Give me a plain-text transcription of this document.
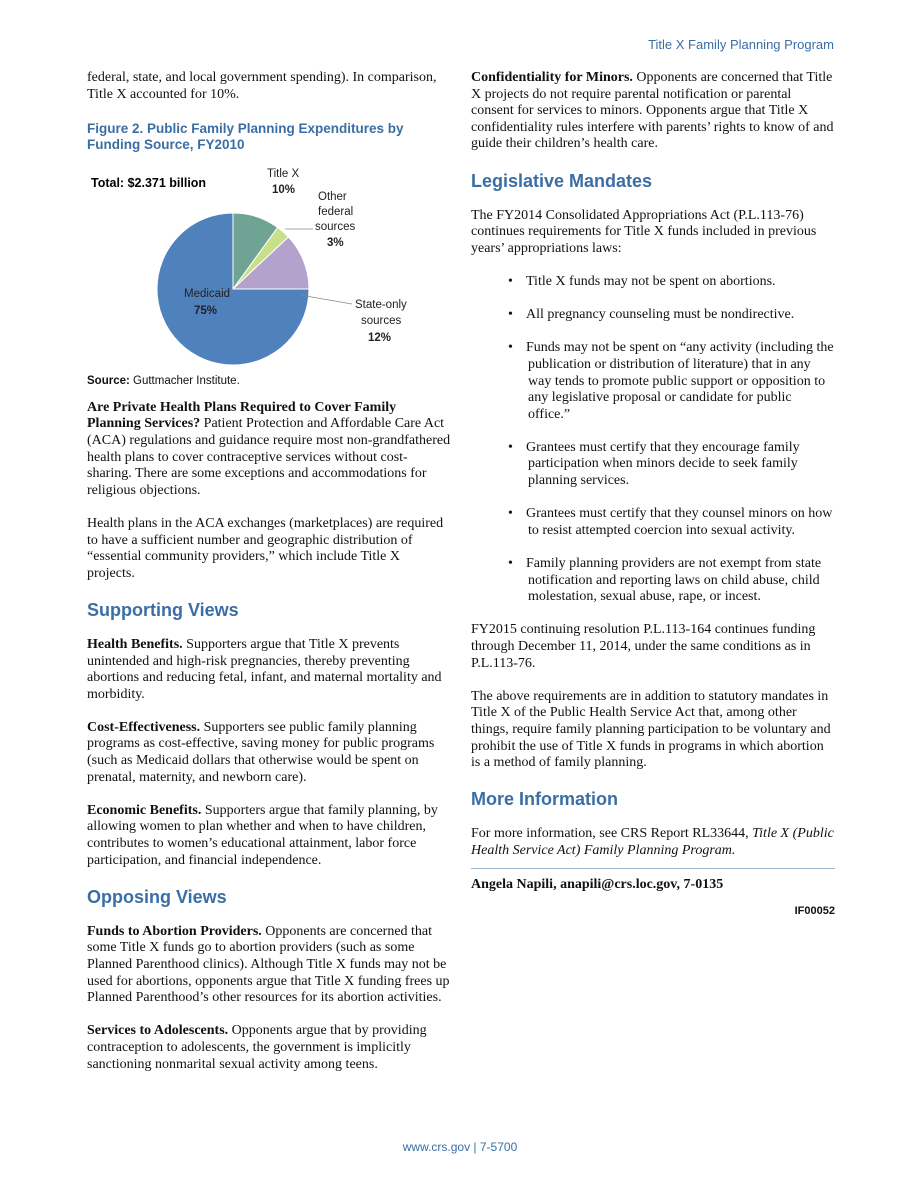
Title X Family Planning Program

federal, state, and local government spending). In comparison, Title X accounted for 10%.

Figure 2. Public Family Planning Expenditures by Funding Source, FY2010
Total: $2.371 billion
Title X
10%
Other
federal
sources
3%
State-only
sources
12%
Medicaid
75%
Source: Guttmacher Institute.

Are Private Health Plans Required to Cover Family Planning Services? Patient Protection and Affordable Care Act (ACA) regulations and guidance require most non-grandfathered health plans to cover contraceptive services without cost-sharing. There are some exceptions and accommodations for religious objections.

Health plans in the ACA exchanges (marketplaces) are required to have a sufficient number and geographic distribution of “essential community providers,” which include Title X projects.

Supporting Views

Health Benefits. Supporters argue that Title X prevents unintended and high-risk pregnancies, thereby preventing abortions and reducing fetal, infant, and maternal mortality and morbidity.

Cost-Effectiveness. Supporters see public family planning programs as cost-effective, saving money for public programs (such as Medicaid dollars that otherwise would be spent on prenatal, maternity, and newborn care).

Economic Benefits. Supporters argue that family planning, by allowing women to plan whether and when to have children, contributes to women’s educational attainment, labor force participation, and financial independence.

Opposing Views

Funds to Abortion Providers. Opponents are concerned that some Title X funds go to abortion providers (such as some Planned Parenthood clinics). Although Title X funds may not be used for abortions, opponents argue that Title X funding frees up Planned Parenthood’s other resources for its abortion activities.

Services to Adolescents. Opponents argue that by providing contraception to adolescents, the government is implicitly sanctioning nonmarital sexual activity among teens.

Confidentiality for Minors. Opponents are concerned that Title X projects do not require parental notification or parental consent for services to minors. Opponents argue that Title X confidentiality rules interfere with parents’ rights to know of and guide their children’s health care.

Legislative Mandates

The FY2014 Consolidated Appropriations Act (P.L.113-76) continues requirements for Title X funds included in previous years’ appropriations laws:

• Title X funds may not be spent on abortions.
• All pregnancy counseling must be nondirective.
• Funds may not be spent on “any activity (including the publication or distribution of literature) that in any way tends to promote public support or opposition to any legislative proposal or candidate for public office.”
• Grantees must certify that they encourage family participation when minors decide to seek family planning services.
• Grantees must certify that they counsel minors on how to resist attempted coercion into sexual activity.
• Family planning providers are not exempt from state notification and reporting laws on child abuse, child molestation, sexual abuse, rape, or incest.

FY2015 continuing resolution P.L.113-164 continues funding through December 11, 2014, under the same conditions as in P.L.113-76.

The above requirements are in addition to statutory mandates in Title X of the Public Health Service Act that, among other things, require family planning participation to be voluntary and prohibit the use of Title X funds in programs in which abortion is a method of family planning.

More Information

For more information, see CRS Report RL33644, Title X (Public Health Service Act) Family Planning Program.

Angela Napili, anapili@crs.loc.gov, 7-0135
IF00052
www.crs.gov | 7-5700
